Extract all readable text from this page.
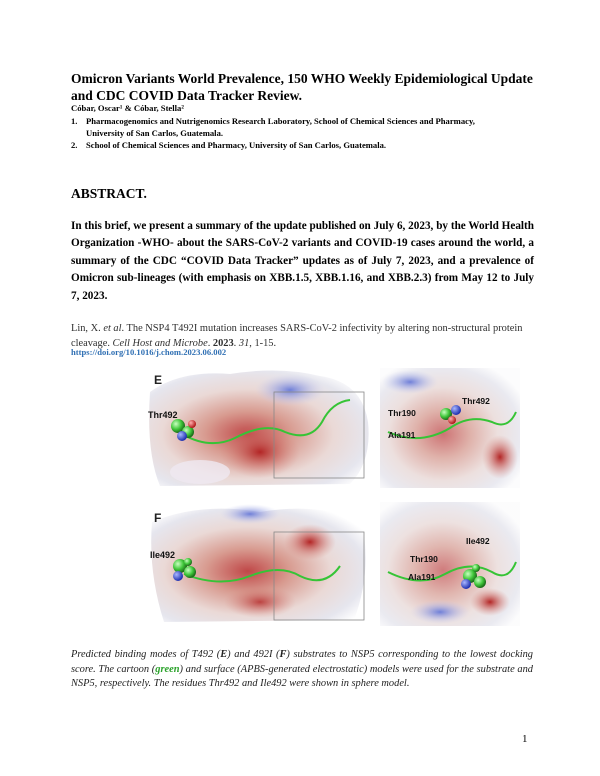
Omicron Variants World Prevalence, 150 WHO Weekly Epidemiological Update and CDC COVID Data Tracker Review.
Cóbar, Oscar¹ & Cóbar, Stella²
1. Pharmacogenomics and Nutrigenomics Research Laboratory, School of Chemical Sciences and Pharmacy, University of San Carlos, Guatemala.
2. School of Chemical Sciences and Pharmacy, University of San Carlos, Guatemala.
ABSTRACT.

In this brief, we present a summary of the update published on July 6, 2023, by the World Health Organization -WHO- about the SARS-CoV-2 variants and COVID-19 cases around the world, a summary of the CDC “COVID Data Tracker” updates as of July 7, 2023, and a prevalence of Omicron sub-lineages (with emphasis on XBB.1.5, XBB.1.16, and XBB.2.3) from May 12 to July 7, 2023.

Lin, X. et al. The NSP4 T492I mutation increases SARS-CoV-2 infectivity by altering non-structural protein cleavage. Cell Host and Microbe. 2023. 31, 1-15.
https://doi.org/10.1016/j.chom.2023.06.002
E
Thr492
Thr492
Thr190
Ala191
F
Ile492
Ile492
Thr190
Ala191

Predicted binding modes of T492 (E) and 492I (F) substrates to NSP5 corresponding to the lowest docking score. The cartoon (green) and surface (APBS-generated electrostatic) models were used for the substrate and NSP5, respectively. The residues Thr492 and Ile492 were shown in sphere model.

1
